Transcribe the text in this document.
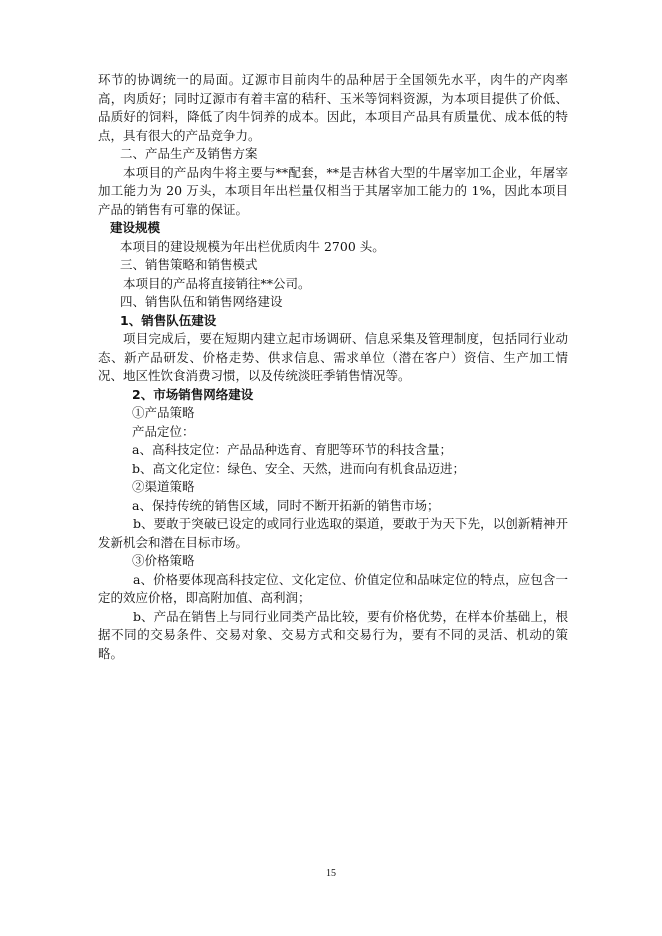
环节的协调统一的局面。辽源市目前肉牛的品种居于全国领先水平，肉牛的产肉率高，肉质好；同时辽源市有着丰富的秸秆、玉米等饲料资源，为本项目提供了价低、品质好的饲料，降低了肉牛饲养的成本。因此，本项目产品具有质量优、成本低的特点，具有很大的产品竞争力。

二、产品生产及销售方案

本项目的产品肉牛将主要与**配套，**是吉林省大型的牛屠宰加工企业，年屠宰加工能力为 20 万头，本项目年出栏量仅相当于其屠宰加工能力的 1%，因此本项目产品的销售有可靠的保证。

建设规模

本项目的建设规模为年出栏优质肉牛 2700 头。

三、销售策略和销售模式

本项目的产品将直接销往**公司。

四、销售队伍和销售网络建设

1、销售队伍建设

项目完成后，要在短期内建立起市场调研、信息采集及管理制度，包括同行业动态、新产品研发、价格走势、供求信息、需求单位（潜在客户）资信、生产加工情况、地区性饮食消费习惯，以及传统淡旺季销售情况等。

2、市场销售网络建设

①产品策略

产品定位：

a、高科技定位：产品品种选育、育肥等环节的科技含量；

b、高文化定位：绿色、安全、天然，进而向有机食品迈进；

②渠道策略

a、保持传统的销售区域，同时不断开拓新的销售市场；

b、要敢于突破已设定的或同行业选取的渠道，要敢于为天下先，以创新精神开发新机会和潜在目标市场。

③价格策略

a、价格要体现高科技定位、文化定位、价值定位和品味定位的特点，应包含一定的效应价格，即高附加值、高利润；

b、产品在销售上与同行业同类产品比较，要有价格优势，在样本价基础上，根据不同的交易条件、交易对象、交易方式和交易行为，要有不同的灵活、机动的策略。

15
